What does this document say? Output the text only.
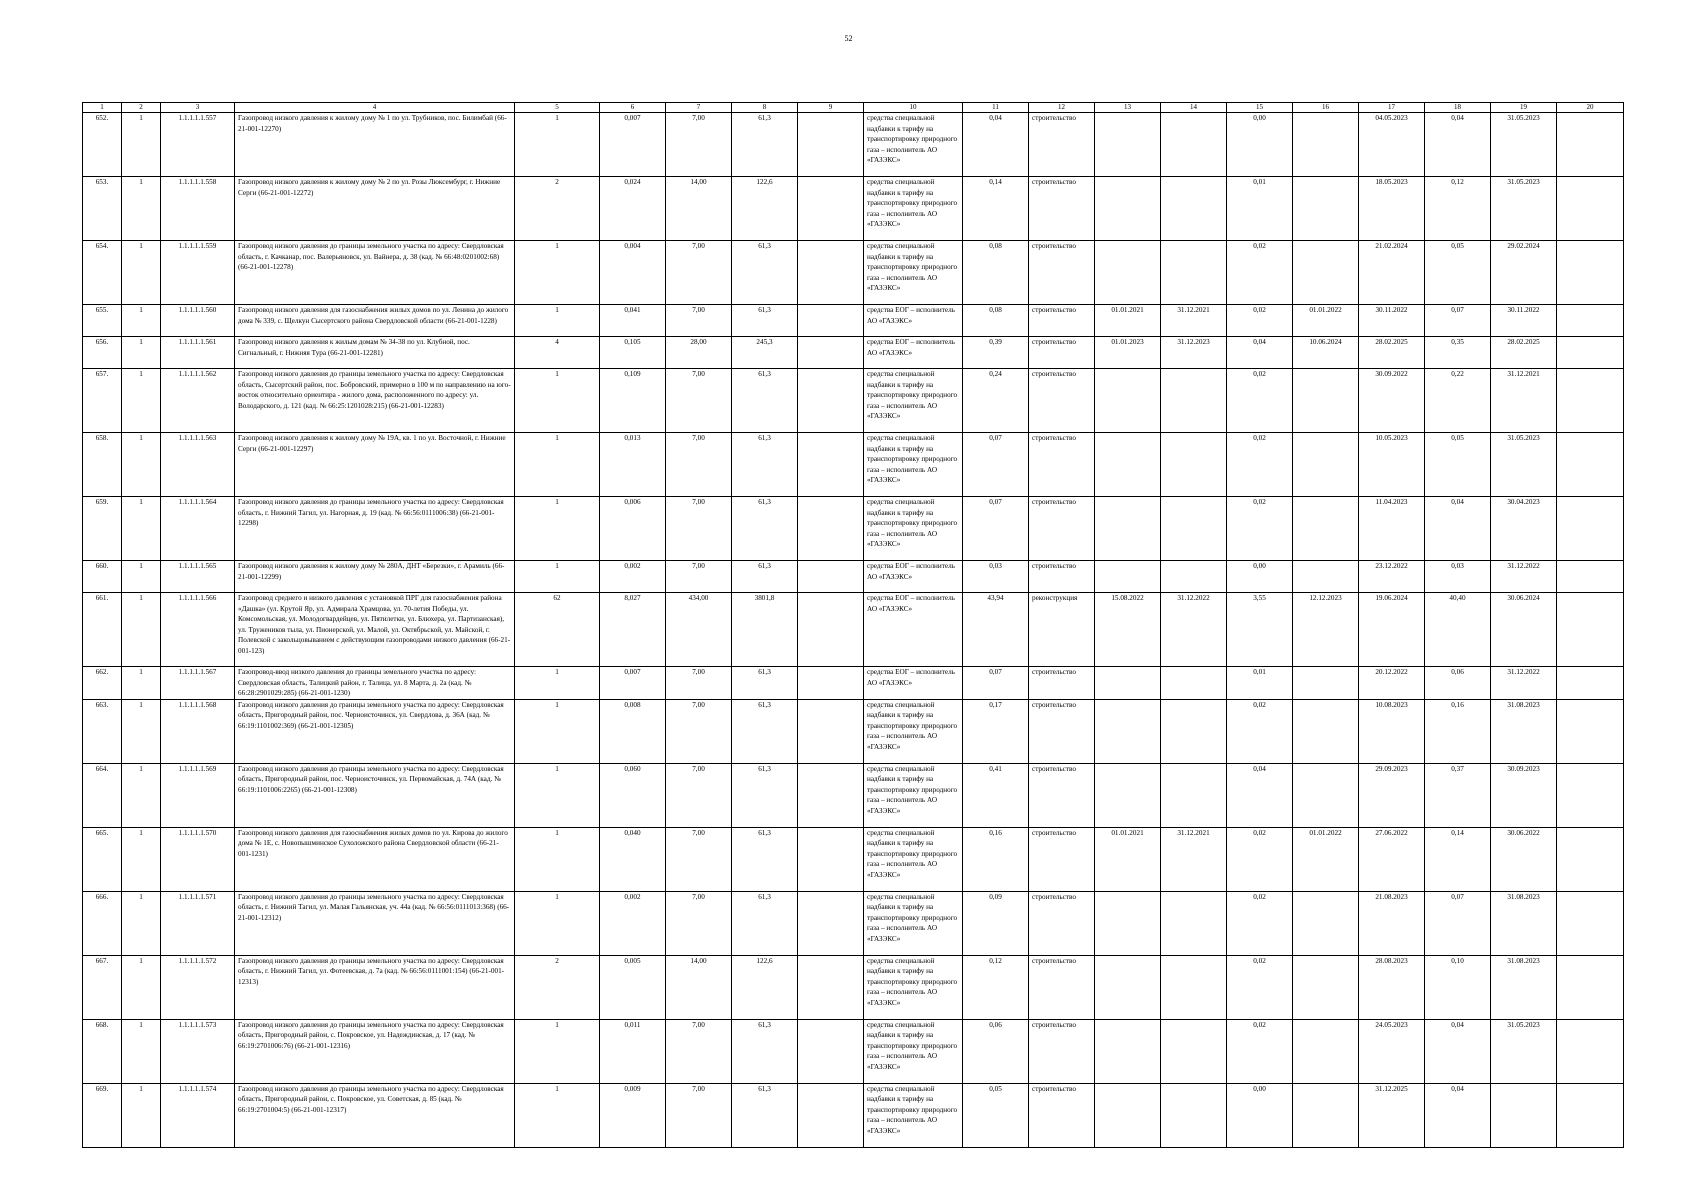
52
1	2	3	4	5	6	7	8	9	10	11	12	13	14	15	16	17	18	19	20
652.	1	1.1.1.1.1.557	Газопровод низкого давления к жилому дому № 1 по ул. Трубников, пос. Билимбай (66-21-001-12270)	1	0,007	7,00	61,3		средства специальной надбавки к тарифу на транспортировку природного газа – исполнитель АО «ГАЗЭКС»	0,04	строительство			0,00		04.05.2023	0,04	31.05.2023	
653.	1	1.1.1.1.1.558	Газопровод низкого давления к жилому дому № 2 по ул. Розы Люксембург, г. Нижние Серги (66-21-001-12272)	2	0,024	14,00	122,6		средства специальной надбавки к тарифу на транспортировку природного газа – исполнитель АО «ГАЗЭКС»	0,14	строительство			0,01		18.05.2023	0,12	31.05.2023	
654.	1	1.1.1.1.1.559	Газопровод низкого давления до границы земельного участка по адресу: Свердловская область, г. Качканар, пос. Валерьяновск, ул. Вайнера, д. 38 (кад. № 66:48:0201002:68) (66-21-001-12278)	1	0,004	7,00	61,3		средства специальной надбавки к тарифу на транспортировку природного газа – исполнитель АО «ГАЗЭКС»	0,08	строительство			0,02		21.02.2024	0,05	29.02.2024	
655.	1	1.1.1.1.1.560	Газопровод низкого давления для газоснабжения жилых домов по ул. Ленина до жилого дома № 339, с. Щелкун Сысертского района Свердловской области (66-21-001-1228)	1	0,041	7,00	61,3		средства ЕОГ – исполнитель АО «ГАЗЭКС»	0,08	строительство	01.01.2021	31.12.2021	0,02	01.01.2022	30.11.2022	0,07	30.11.2022	
656.	1	1.1.1.1.1.561	Газопровод низкого давления к жилым домам № 34-38 по ул. Клубной, пос. Сигнальный, г. Нижняя Тура (66-21-001-12281)	4	0,105	28,00	245,3		средства ЕОГ – исполнитель АО «ГАЗЭКС»	0,39	строительство	01.01.2023	31.12.2023	0,04	10.06.2024	28.02.2025	0,35	28.02.2025	
657.	1	1.1.1.1.1.562	Газопровод низкого давления до границы земельного участка по адресу: Свердловская область, Сысертский район, пос. Бобровский, примерно в 100 м по направлению на юго-восток относительно ориентира - жилого дома, расположенного по адресу: ул. Володарского, д. 121 (кад. № 66:25:1201028:215) (66-21-001-12283)	1	0,109	7,00	61,3		средства специальной надбавки к тарифу на транспортировку природного газа – исполнитель АО «ГАЗЭКС»	0,24	строительство			0,02		30.09.2022	0,22	31.12.2021	
658.	1	1.1.1.1.1.563	Газопровод низкого давления к жилому дому № 19А, кв. 1 по ул. Восточной, г. Нижние Серги (66-21-001-12297)	1	0,013	7,00	61,3		средства специальной надбавки к тарифу на транспортировку природного газа – исполнитель АО «ГАЗЭКС»	0,07	строительство			0,02		10.05.2023	0,05	31.05.2023	
659.	1	1.1.1.1.1.564	Газопровод низкого давления до границы земельного участка по адресу: Свердловская область, г. Нижний Тагил, ул. Нагорная, д. 19 (кад. № 66:56:0111006:38) (66-21-001-12298)	1	0,006	7,00	61,3		средства специальной надбавки к тарифу на транспортировку природного газа – исполнитель АО «ГАЗЭКС»	0,07	строительство			0,02		11.04.2023	0,04	30.04.2023	
660.	1	1.1.1.1.1.565	Газопровод низкого давления к жилому дому № 280А, ДНТ «Березки», г. Арамиль (66-21-001-12299)	1	0,002	7,00	61,3		средства ЕОГ – исполнитель АО «ГАЗЭКС»	0,03	строительство			0,00		23.12.2022	0,03	31.12.2022	
661.	1	1.1.1.1.1.566	Газопровод среднего и низкого давления с установкой ПРГ для газоснабжения района «Дашка» (ул. Крутой Яр, ул. Адмирала Храмцова, ул. 70-летия Победы, ул. Комсомольская, ул. Молодогвардейцев, ул. Пятилетки, ул. Блюхера, ул. Партизанская), ул. Тружеников тыла, ул. Пионерской, ул. Малой, ул. Октябрьской, ул. Майской, г. Полевской с закольцовыванием с действующим газопроводами низкого давления (66-21-001-123)	62	8,027	434,00	3801,8		средства ЕОГ – исполнитель АО «ГАЗЭКС»	43,94	реконструкция	15.08.2022	31.12.2022	3,55	12.12.2023	19.06.2024	40,40	30.06.2024	
662.	1	1.1.1.1.1.567	Газопровод-ввод низкого давления до границы земельного участка по адресу: Свердловская область, Талицкий район, г. Талица, ул. 8 Марта, д. 2а (кад. № 66:28:2901029:285) (66-21-001-1230)	1	0,007	7,00	61,3		средства ЕОГ – исполнитель АО «ГАЗЭКС»	0,07	строительство			0,01		20.12.2022	0,06	31.12.2022	
663.	1	1.1.1.1.1.568	Газопровод низкого давления до границы земельного участка по адресу: Свердловская область, Пригородный район, пос. Черноисточинск, ул. Свердлова, д. 36А (кад. № 66:19:1101002:369) (66-21-001-12305)	1	0,008	7,00	61,3		средства специальной надбавки к тарифу на транспортировку природного газа – исполнитель АО «ГАЗЭКС»	0,17	строительство			0,02		10.08.2023	0,16	31.08.2023	
664.	1	1.1.1.1.1.569	Газопровод низкого давления до границы земельного участка по адресу: Свердловская область, Пригородный район, пос. Черноисточинск, ул. Первомайская, д. 74А (кад. № 66:19:1101006:2265) (66-21-001-12308)	1	0,060	7,00	61,3		средства специальной надбавки к тарифу на транспортировку природного газа – исполнитель АО «ГАЗЭКС»	0,41	строительство			0,04		29.09.2023	0,37	30.09.2023	
665.	1	1.1.1.1.1.570	Газопровод низкого давления для газоснабжения жилых домов по ул. Кирова до жилого дома № 1Е, с. Новопышминское Сухоложского района Свердловской области (66-21-001-1231)	1	0,040	7,00	61,3		средства специальной надбавки к тарифу на транспортировку природного газа – исполнитель АО «ГАЗЭКС»	0,16	строительство	01.01.2021	31.12.2021	0,02	01.01.2022	27.06.2022	0,14	30.06.2022	
666.	1	1.1.1.1.1.571	Газопровод низкого давления до границы земельного участка по адресу: Свердловская область, г. Нижний Тагил, ул. Малая Гальянская, уч. 44а (кад. № 66:56:0111013:368) (66-21-001-12312)	1	0,002	7,00	61,3		средства специальной надбавки к тарифу на транспортировку природного газа – исполнитель АО «ГАЗЭКС»	0,09	строительство			0,02		21.08.2023	0,07	31.08.2023	
667.	1	1.1.1.1.1.572	Газопровод низкого давления до границы земельного участка по адресу: Свердловская область, г. Нижний Тагил, ул. Фотеевская, д. 7а (кад. № 66:56:0111001:154) (66-21-001-12313)	2	0,005	14,00	122,6		средства специальной надбавки к тарифу на транспортировку природного газа – исполнитель АО «ГАЗЭКС»	0,12	строительство			0,02		28.08.2023	0,10	31.08.2023	
668.	1	1.1.1.1.1.573	Газопровод низкого давления до границы земельного участка по адресу: Свердловская область, Пригородный район, с. Покровское, ул. Надеждинская, д. 17 (кад. № 66:19:2701006:76) (66-21-001-12316)	1	0,011	7,00	61,3		средства специальной надбавки к тарифу на транспортировку природного газа – исполнитель АО «ГАЗЭКС»	0,06	строительство			0,02		24.05.2023	0,04	31.05.2023	
669.	1	1.1.1.1.1.574	Газопровод низкого давления до границы земельного участка по адресу: Свердловская область, Пригородный район, с. Покровское, ул. Советская, д. 85 (кад. № 66:19:2701004:5) (66-21-001-12317)	1	0,009	7,00	61,3		средства специальной надбавки к тарифу на транспортировку природного газа – исполнитель АО «ГАЗЭКС»	0,05	строительство			0,00		31.12.2025	0,04		
